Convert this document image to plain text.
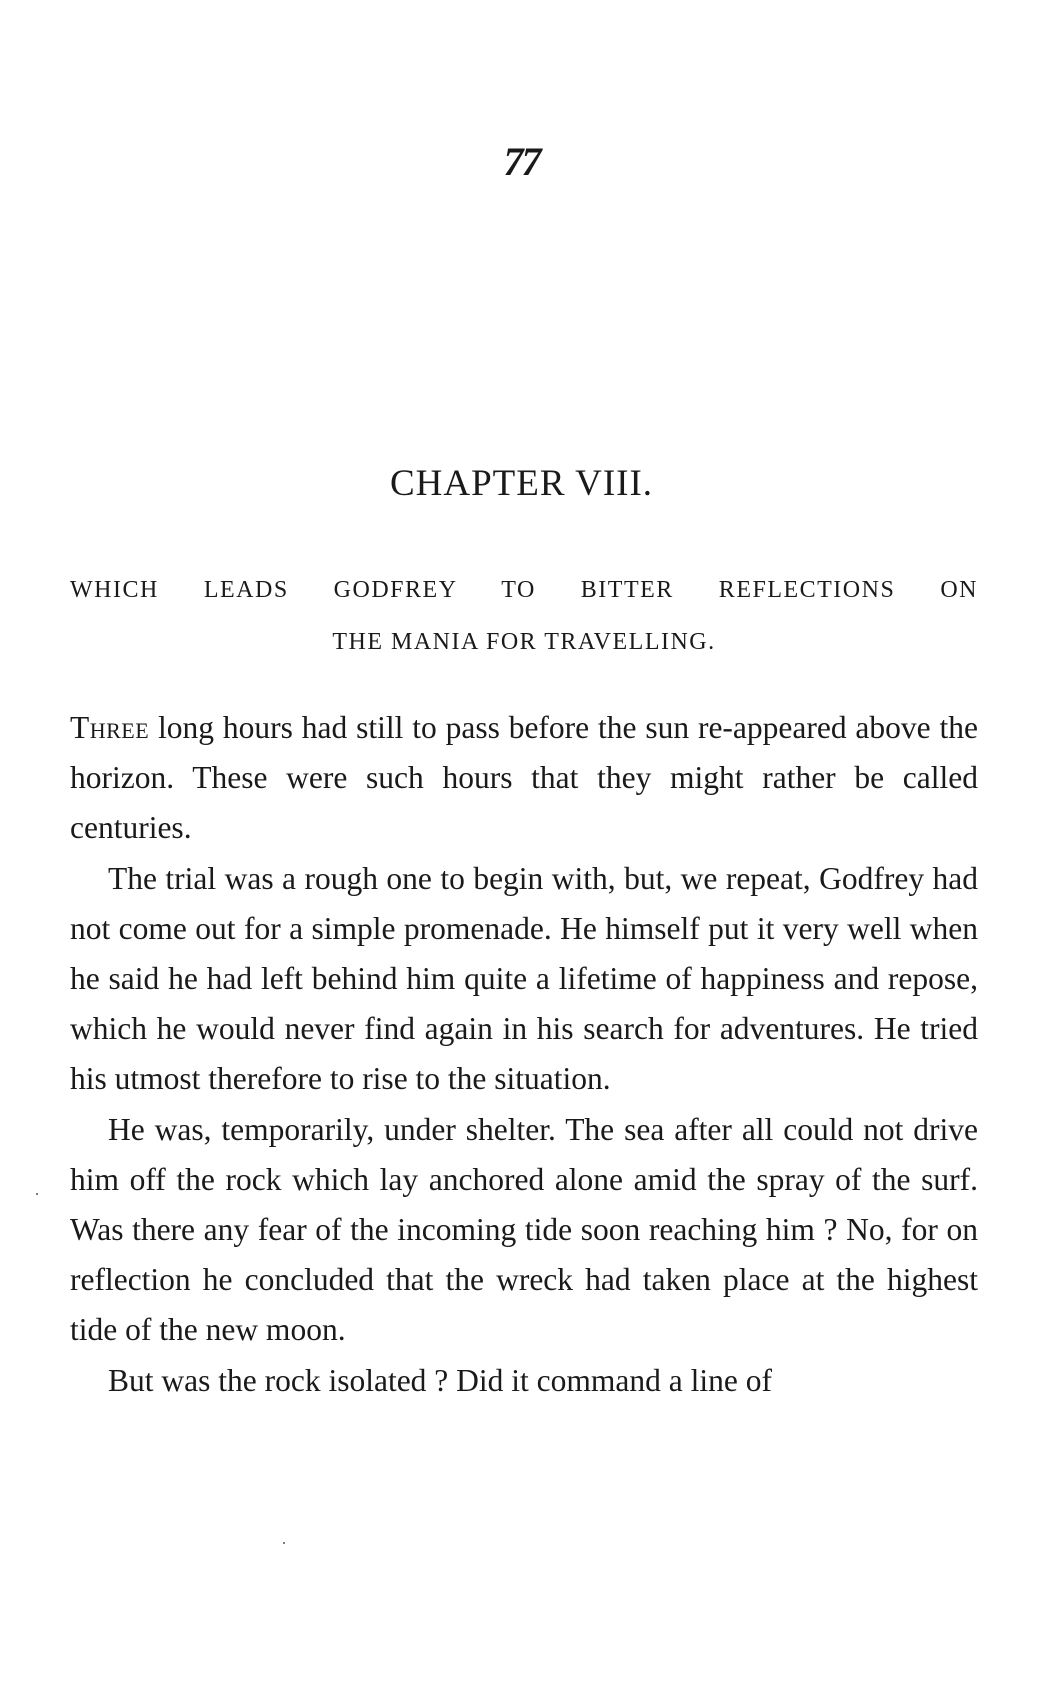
77
CHAPTER VIII.
WHICH LEADS GODFREY TO BITTER REFLECTIONS ON
THE MANIA FOR TRAVELLING.

Three long hours had still to pass before the sun re-appeared above the horizon. These were such hours that they might rather be called centuries.

The trial was a rough one to begin with, but, we repeat, Godfrey had not come out for a simple promenade. He himself put it very well when he said he had left behind him quite a lifetime of happiness and repose, which he would never find again in his search for adventures. He tried his utmost therefore to rise to the situation.

He was, temporarily, under shelter. The sea after all could not drive him off the rock which lay anchored alone amid the spray of the surf. Was there any fear of the incoming tide soon reaching him ? No, for on reflection he concluded that the wreck had taken place at the highest tide of the new moon.

But was the rock isolated ? Did it command a line of
